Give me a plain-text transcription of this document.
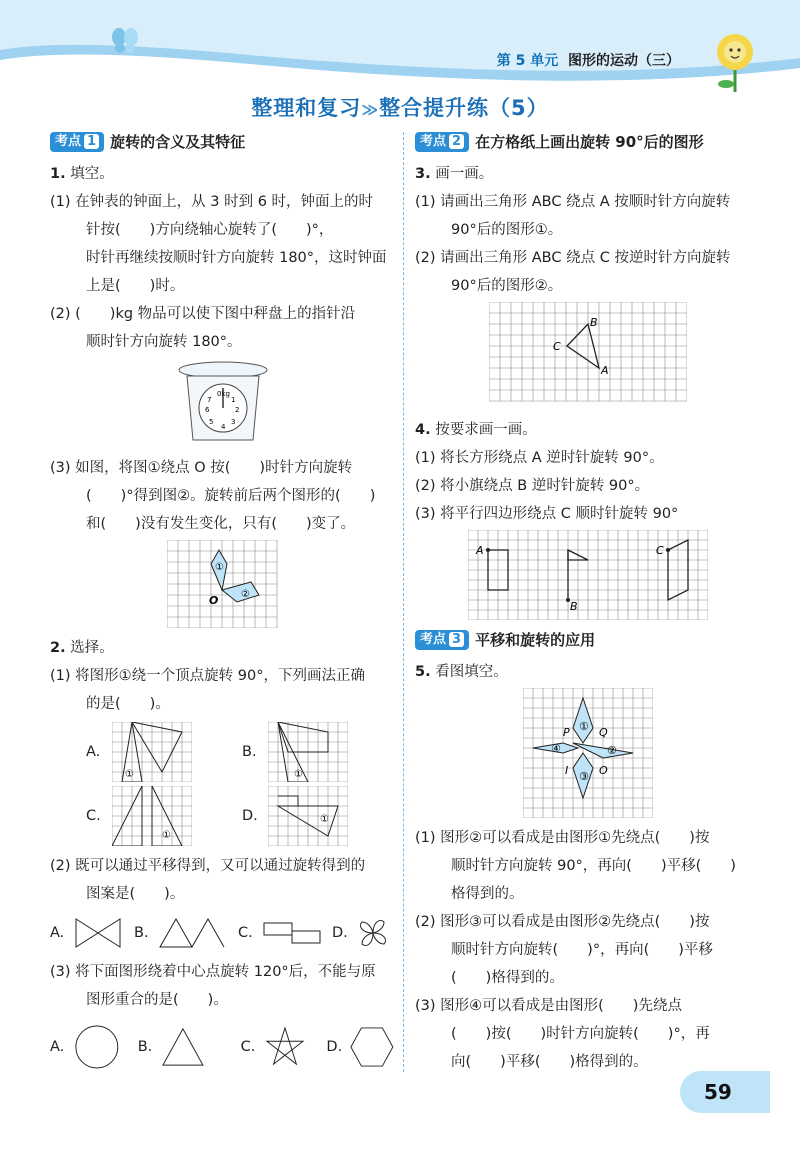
第 5 单元 图形的运动（三）
整理和复习≫整合提升练（5）
考点 1 旋转的含义及其特征

1. 填空。

(1) 在钟表的钟面上，从 3 时到 6 时，钟面上的时

针按(　　)方向绕轴心旋转了(　　)°，

时针再继续按顺时针方向旋转 180°，这时钟面

上是(　　)时。

(2) (　　)kg 物品可以使下图中秤盘上的指针沿

顺时针方向旋转 180°。

0kg
1
2
3
4
5
6
7

(3) 如图，将图①绕点 O 按(　　)时针方向旋转

(　　)°得到图②。旋转前后两个图形的(　　)

和(　　)没有发生变化，只有(　　)变了。

①
②
O

2. 选择。

(1) 将图形①绕一个顶点旋转 90°，下列画法正确

的是(　　)。

A.
①
B.
①
C.
①
D.	①

(2) 既可以通过平移得到，又可以通过旋转得到的

图案是(　　)。

A.	B.	C.	D.

(3) 将下面图形绕着中心点旋转 120°后，不能与原

图形重合的是(　　)。

A.	B.	C.	D.
考点 2 在方格纸上画出旋转 90°后的图形

3. 画一画。

(1) 请画出三角形 ABC 绕点 A 按顺时针方向旋转

90°后的图形①。

(2) 请画出三角形 ABC 绕点 C 按逆时针方向旋转

90°后的图形②。

B
C
A

4. 按要求画一画。

(1) 将长方形绕点 A 逆时针旋转 90°。

(2) 将小旗绕点 B 逆时针旋转 90°。

(3) 将平行四边形绕点 C 顺时针旋转 90°

A
B
C
考点 3 平移和旋转的应用

5. 看图填空。

①
②
③
④
P	Q
I	O

(1) 图形②可以看成是由图形①先绕点(　　)按

顺时针方向旋转 90°，再向(　　)平移(　　)

格得到的。

(2) 图形③可以看成是由图形②先绕点(　　)按

顺时针方向旋转(　　)°，再向(　　)平移

(　　)格得到的。

(3) 图形④可以看成是由图形(　　)先绕点

(　　)按(　　)时针方向旋转(　　)°，再

向(　　)平移(　　)格得到的。

59
